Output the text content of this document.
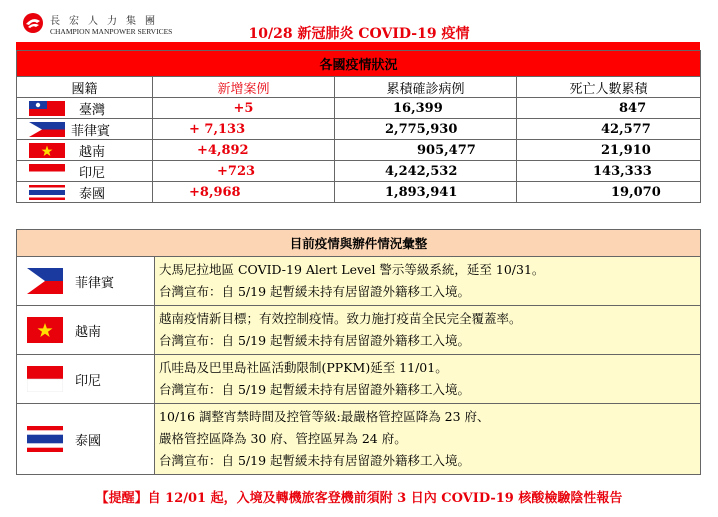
長宏人力集團
CHAMPION MANPOWER SERVICES	10/28 新冠肺炎 COVID-19 疫情
各國疫情狀況			
國籍	新增案例	累積確診病例	死亡人數累積

臺灣	+5	16,399	847

菲律賓	+ 7,133	2,775,930	42,577

越南	+4,892	905,477	21,910

印尼	+723	4,242,532	143,333

泰國	+8,968	1,893,941	19,070
目前疫情與辦件情況彙整	

菲律賓	大馬尼拉地區 COVID-19 Alert Level 警示等級系統，延至 10/31。
台灣宣布：自 5/19 起暫緩未持有居留證外籍移工入境。

越南	越南疫情新目標；有效控制疫情。致力施打疫苗全民完全覆蓋率。
台灣宣布：自 5/19 起暫緩未持有居留證外籍移工入境。

印尼	爪哇島及巴里島社區活動限制(PPKM)延至 11/01。
台灣宣布：自 5/19 起暫緩未持有居留證外籍移工入境。

泰國	10/16 調整宵禁時間及控管等級:最嚴格管控區降為 23 府、
嚴格管控區降為 30 府、管控區昇為 24 府。
台灣宣布：自 5/19 起暫緩未持有居留證外籍移工入境。
【提醒】自 12/01 起，入境及轉機旅客登機前須附 3 日內 COVID-19 核酸檢驗陰性報告
